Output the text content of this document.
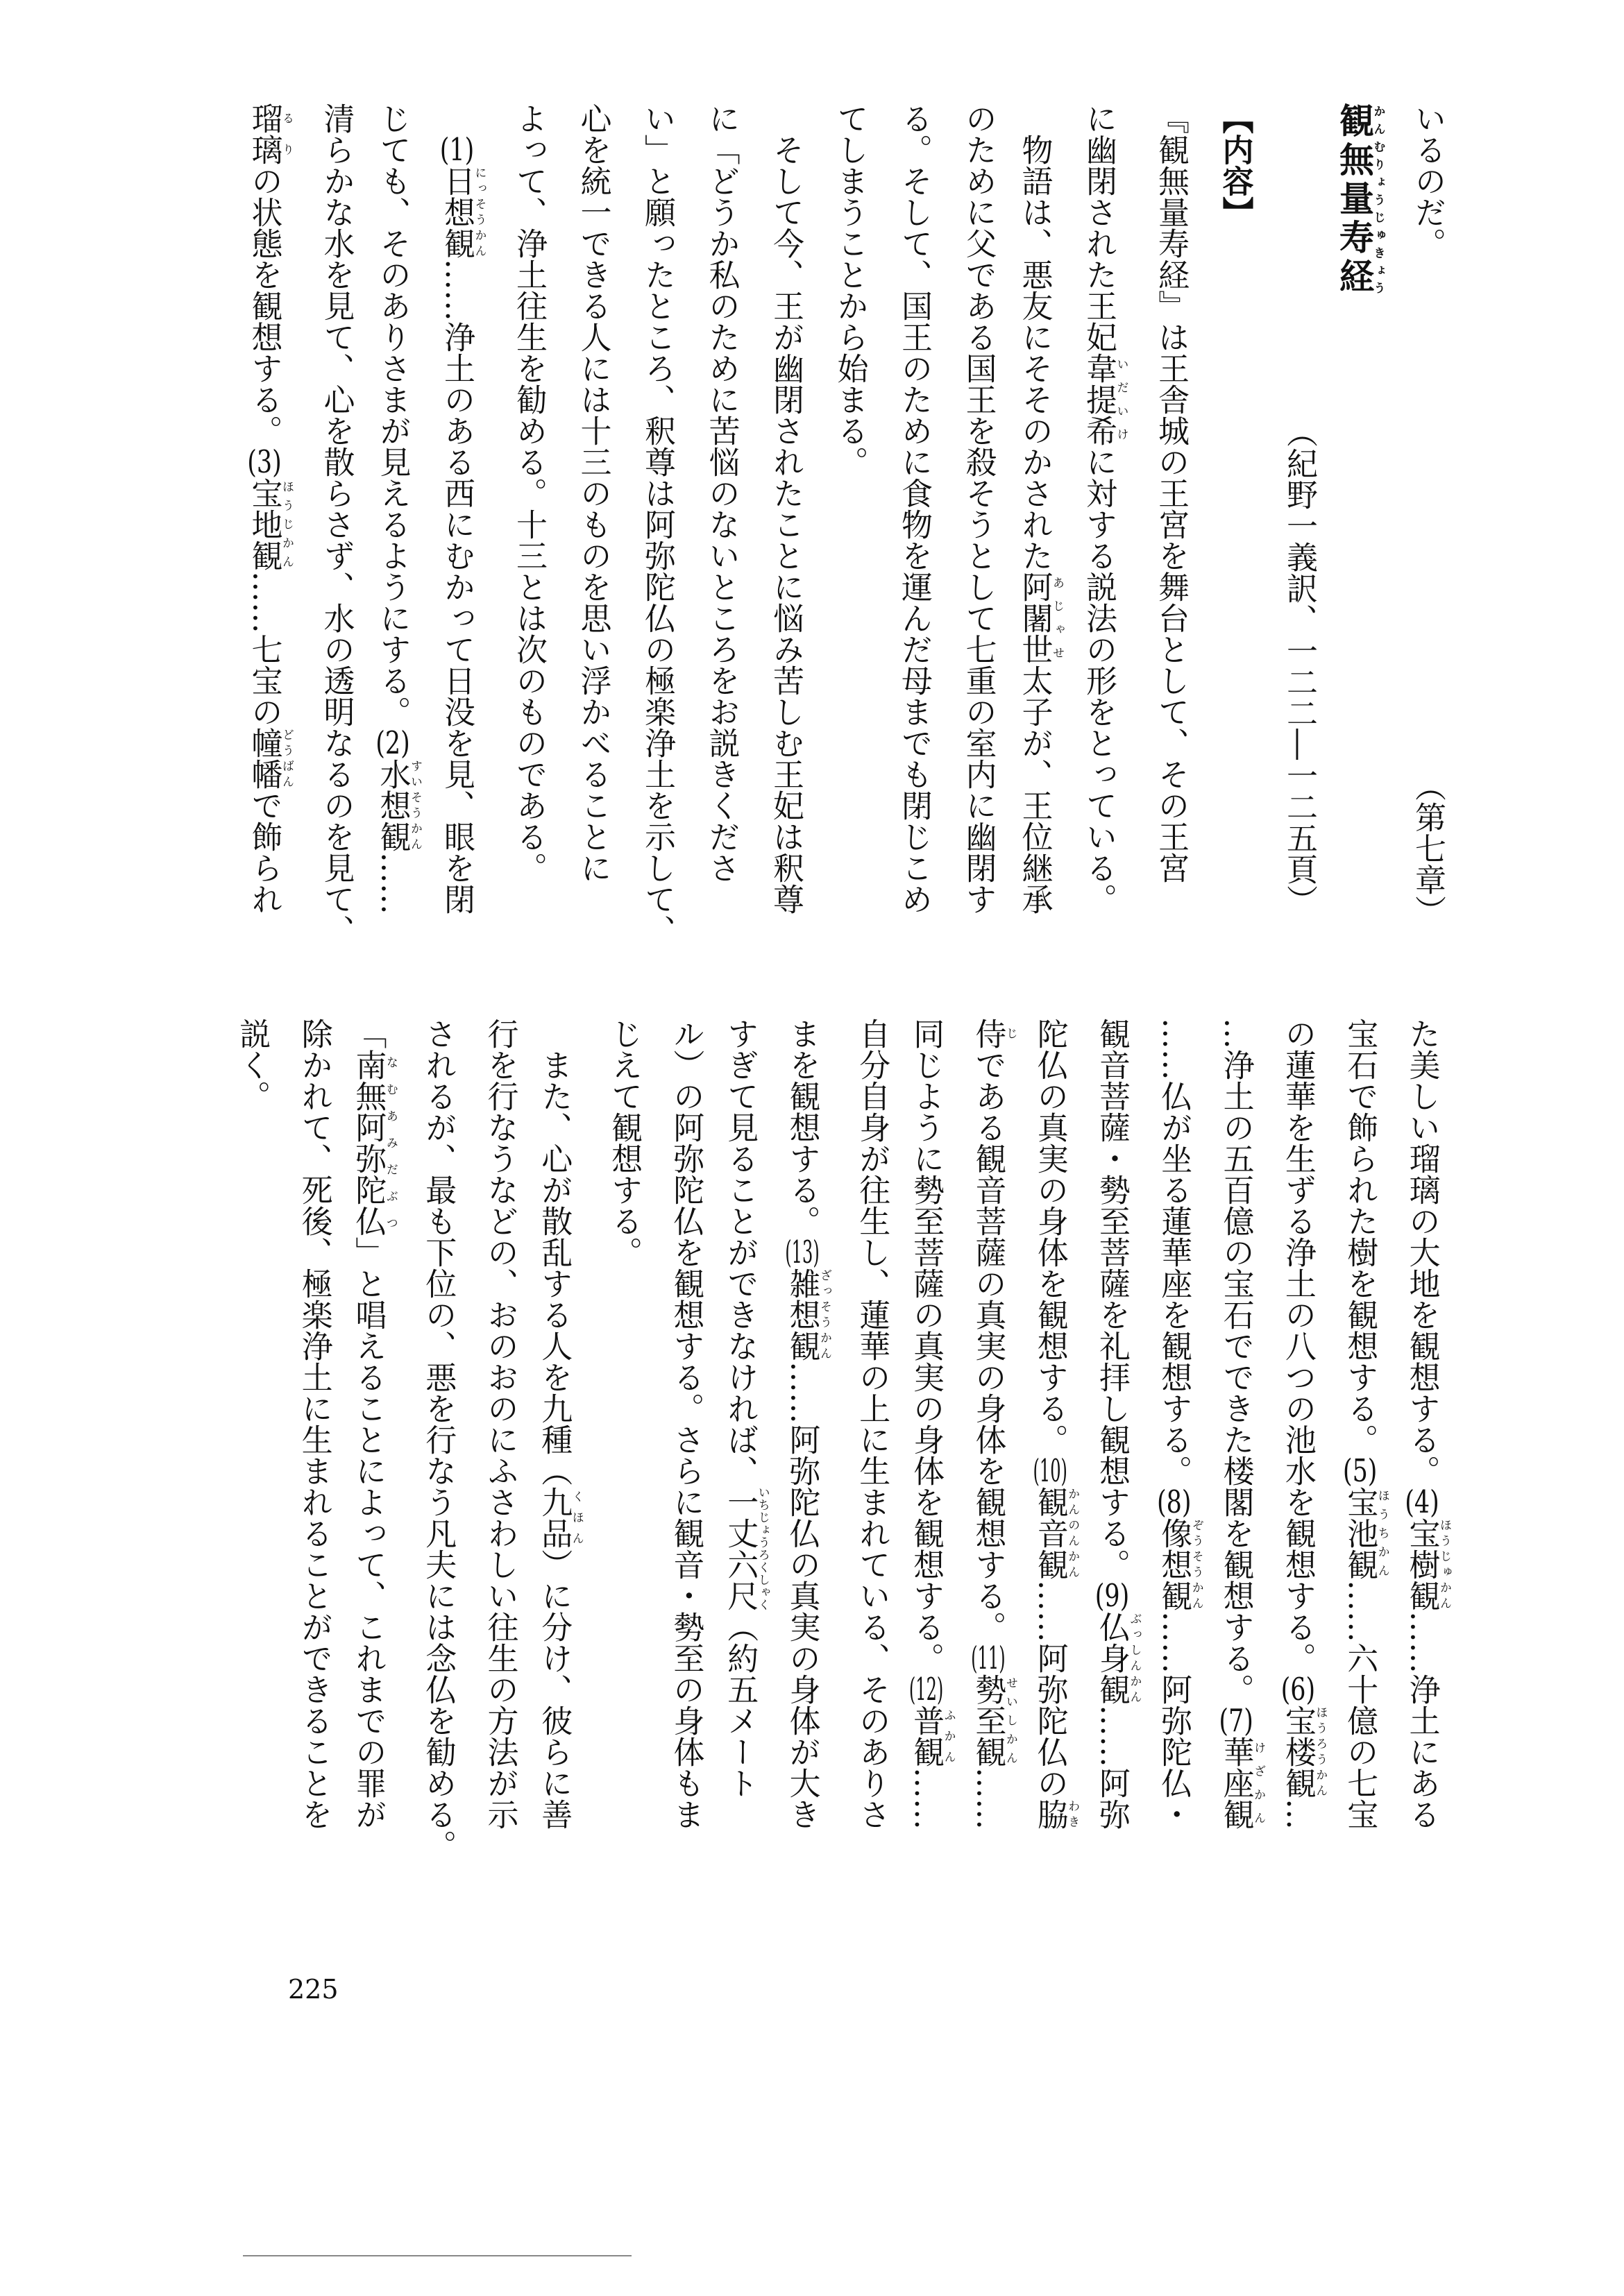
いるのだ。
観無量寿経かんむりょうじゅきょう
（紀野一義訳、一二二―一二五頁）
【内容】
『観無量寿経』は王舎城の王宮を舞台として、その王宮
に幽閉された王妃韋提希いだいけに対する説法の形をとっている。
物語は、悪友にそそのかされた阿闍世あじゃせ太子が、王位継承
のために父である国王を殺そうとして七重の室内に幽閉す
る。そして、国王のために食物を運んだ母までも閉じこめ
てしまうことから始まる。
そして今、王が幽閉されたことに悩み苦しむ王妃は釈尊
に「どうか私のために苦悩のないところをお説きくださ
い」と願ったところ、釈尊は阿弥陀仏の極楽浄土を示して、
心を統一できる人には十三のものを思い浮かべることに
よって、浄土往生を勧める。十三とは次のものである。
(1)日想観にっそうかん……浄土のある西にむかって日没を見、眼を閉
じても、そのありさまが見えるようにする。(2)水想観すいそうかん……
清らかな水を見て、心を散らさず、水の透明なるのを見て、
瑠璃るりの状態を観想する。(3)宝地観ほうじかん……七宝の幢幡どうばんで飾られ	（第七章）
た美しい瑠璃の大地を観想する。(4)宝樹観ほうじゅかん……浄土にある
宝石で飾られた樹を観想する。(5)宝池観ほうちかん……六十億の七宝
の蓮華を生ずる浄土の八つの池水を観想する。(6)宝楼観ほうろうかん…
…浄土の五百億の宝石でできた楼閣を観想する。(7)華座観けざかん
……仏が坐る蓮華座を観想する。(8)像想観ぞうそうかん……阿弥陀仏・
観音菩薩・勢至菩薩を礼拝し観想する。(9)仏身観ぶっしんかん……阿弥
陀仏の真実の身体を観想する。(10)観音観かんのんかん……阿弥陀仏の脇わき
侍じである観音菩薩の真実の身体を観想する。(11)勢至観せいしかん……
同じように勢至菩薩の真実の身体を観想する。(12)普観ふかん……
自分自身が往生し、蓮華の上に生まれている、そのありさ
まを観想する。(13)雑想観ざっそうかん……阿弥陀仏の真実の身体が大き
すぎて見ることができなければ、一丈六尺いちじょうろくしゃく（約五メート
ル）の阿弥陀仏を観想する。さらに観音・勢至の身体もま
じえて観想する。
また、心が散乱する人を九種（九品くほん）に分け、彼らに善
行を行なうなどの、おのおのにふさわしい往生の方法が示
されるが、最も下位の、悪を行なう凡夫には念仏を勧める。
「南無阿弥陀仏なむあみだぶつ」と唱えることによって、これまでの罪が
除かれて、死後、極楽浄土に生まれることができることを
説く。
225
